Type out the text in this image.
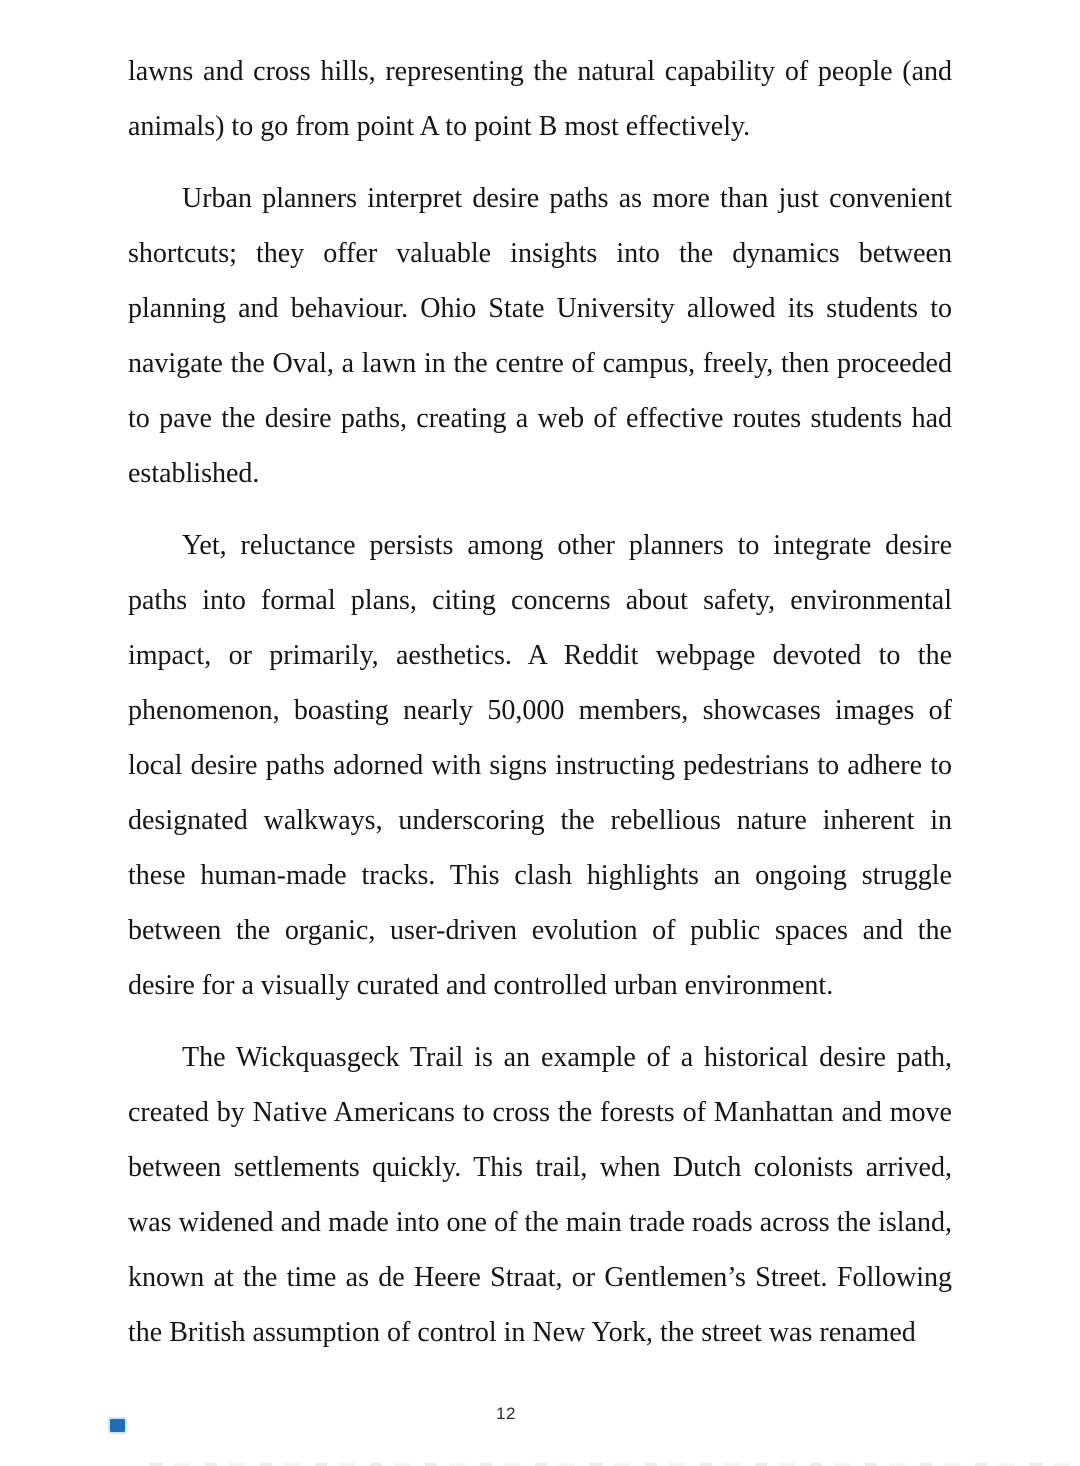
lawns and cross hills, representing the natural capability of people (and animals) to go from point A to point B most effectively.

Urban planners interpret desire paths as more than just convenient shortcuts; they offer valuable insights into the dynamics between planning and behaviour. Ohio State University allowed its students to navigate the Oval, a lawn in the centre of campus, freely, then proceeded to pave the desire paths, creating a web of effective routes students had established.

Yet, reluctance persists among other planners to integrate desire paths into formal plans, citing concerns about safety, environmental impact, or primarily, aesthetics. A Reddit webpage devoted to the phenomenon, boasting nearly 50,000 members, showcases images of local desire paths adorned with signs instructing pedestrians to adhere to designated walkways, underscoring the rebellious nature inherent in these human-made tracks. This clash highlights an ongoing struggle between the organic, user-driven evolution of public spaces and the desire for a visually curated and controlled urban environment.

The Wickquasgeck Trail is an example of a historical desire path, created by Native Americans to cross the forests of Manhattan and move between settlements quickly. This trail, when Dutch colonists arrived, was widened and made into one of the main trade roads across the island, known at the time as de Heere Straat, or Gentlemen’s Street. Following the British assumption of control in New York, the street was renamed

12
